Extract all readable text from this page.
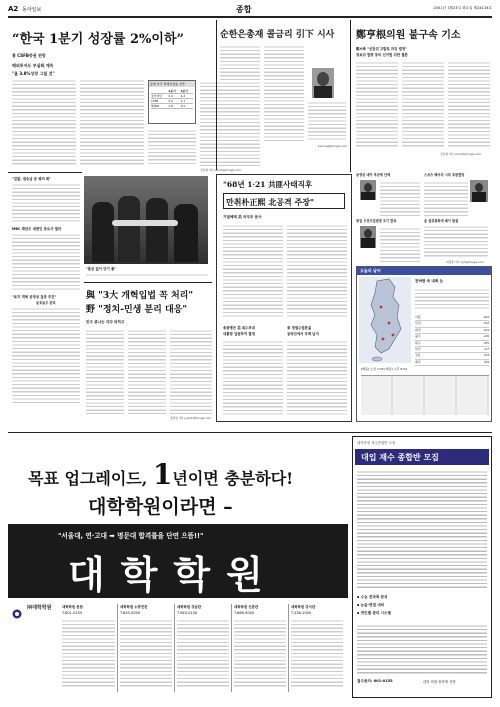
A2 동아일보	종합	2001년 1월23일 화요일 제24134호
“한국 1분기 성장률 2%이하”
홍 CSFB증권 전망
해외투자도 부실화 계속
"올 3.8%성장 그칠 것"
올해 한국 경제성장률 전망
1분기	2분기
정부예상	2.4	4.2
CSFB	2.0	3.7
해외IB	1.8	3.5
김상철기자 sckim@donga.com
순한은총재 콜금리 引下 시사
kwonsg@donga.com
鄭亨根의원 불구속 기소
鄭씨측 "선관위 고발로 과잉 법정"
정보위 법령 등의 선거법 위반 결론
김상철기자 sckim@donga.com
"검찰, 권승남 등 평의 회"
MBC 박관우 대변인 중요사 결과
"토지 개혁 공정성 집중 추진"
동호동우 관리
"통금 없이 단기 품"
與 "3大 개혁입법 꼭 처리"
野 "정치-민생 분리 대응"
민주 총나는 각각 피하고
정연욱기자 jyw11@donga.com
"68년 1·21 共匪사태직후
만취朴正熙 北공격 주장"
기밀해제 美 국무부 문서
송광병은 美 특수부대
대통령 입원하여 결정
李 정권수립론을
공작선에서 무력 남지
동영상 대여 부관계 단체
통일 오전조업변경 조기 발표
스포츠 백서의 시작 호원별당
윤 설위원회에 메이 원점
최영훈기자 cyh@donga.com
오늘의 날씨
찬바람 속 내륙 눈
서울	-6/2
인천	-5/2
대전	-5/4
광주	-2/6
대구	-4/5
부산	-1/7
강릉	-3/4
제주	4/9
[해뜸] 오전 7:43 [해짐] 오후 5:52
목표 업그레이드, 1년이면 충분하다!
대학학원이라면 –
"서울대, 연·고대 ➡ 명문대 합격률을 단연 으뜸!!"
대학학원
$^{㈜대학학원}$	대학학원 본원
T.601-0155
대학학원 노량진관
T.620-5000
대학학원 강남관
T.563-0130
대학학원 신촌관
T.666-5000
대학학원 강서관
T.336-1000
대학학원 재수종합반 모집
대입 재수 종합반 모집
▪ 수능 전과목 완성
▪ 논술·면접 대비
▪ 개인별 관리 시스템
접수문의: 601-0155	대학 학원 장학생 선발
